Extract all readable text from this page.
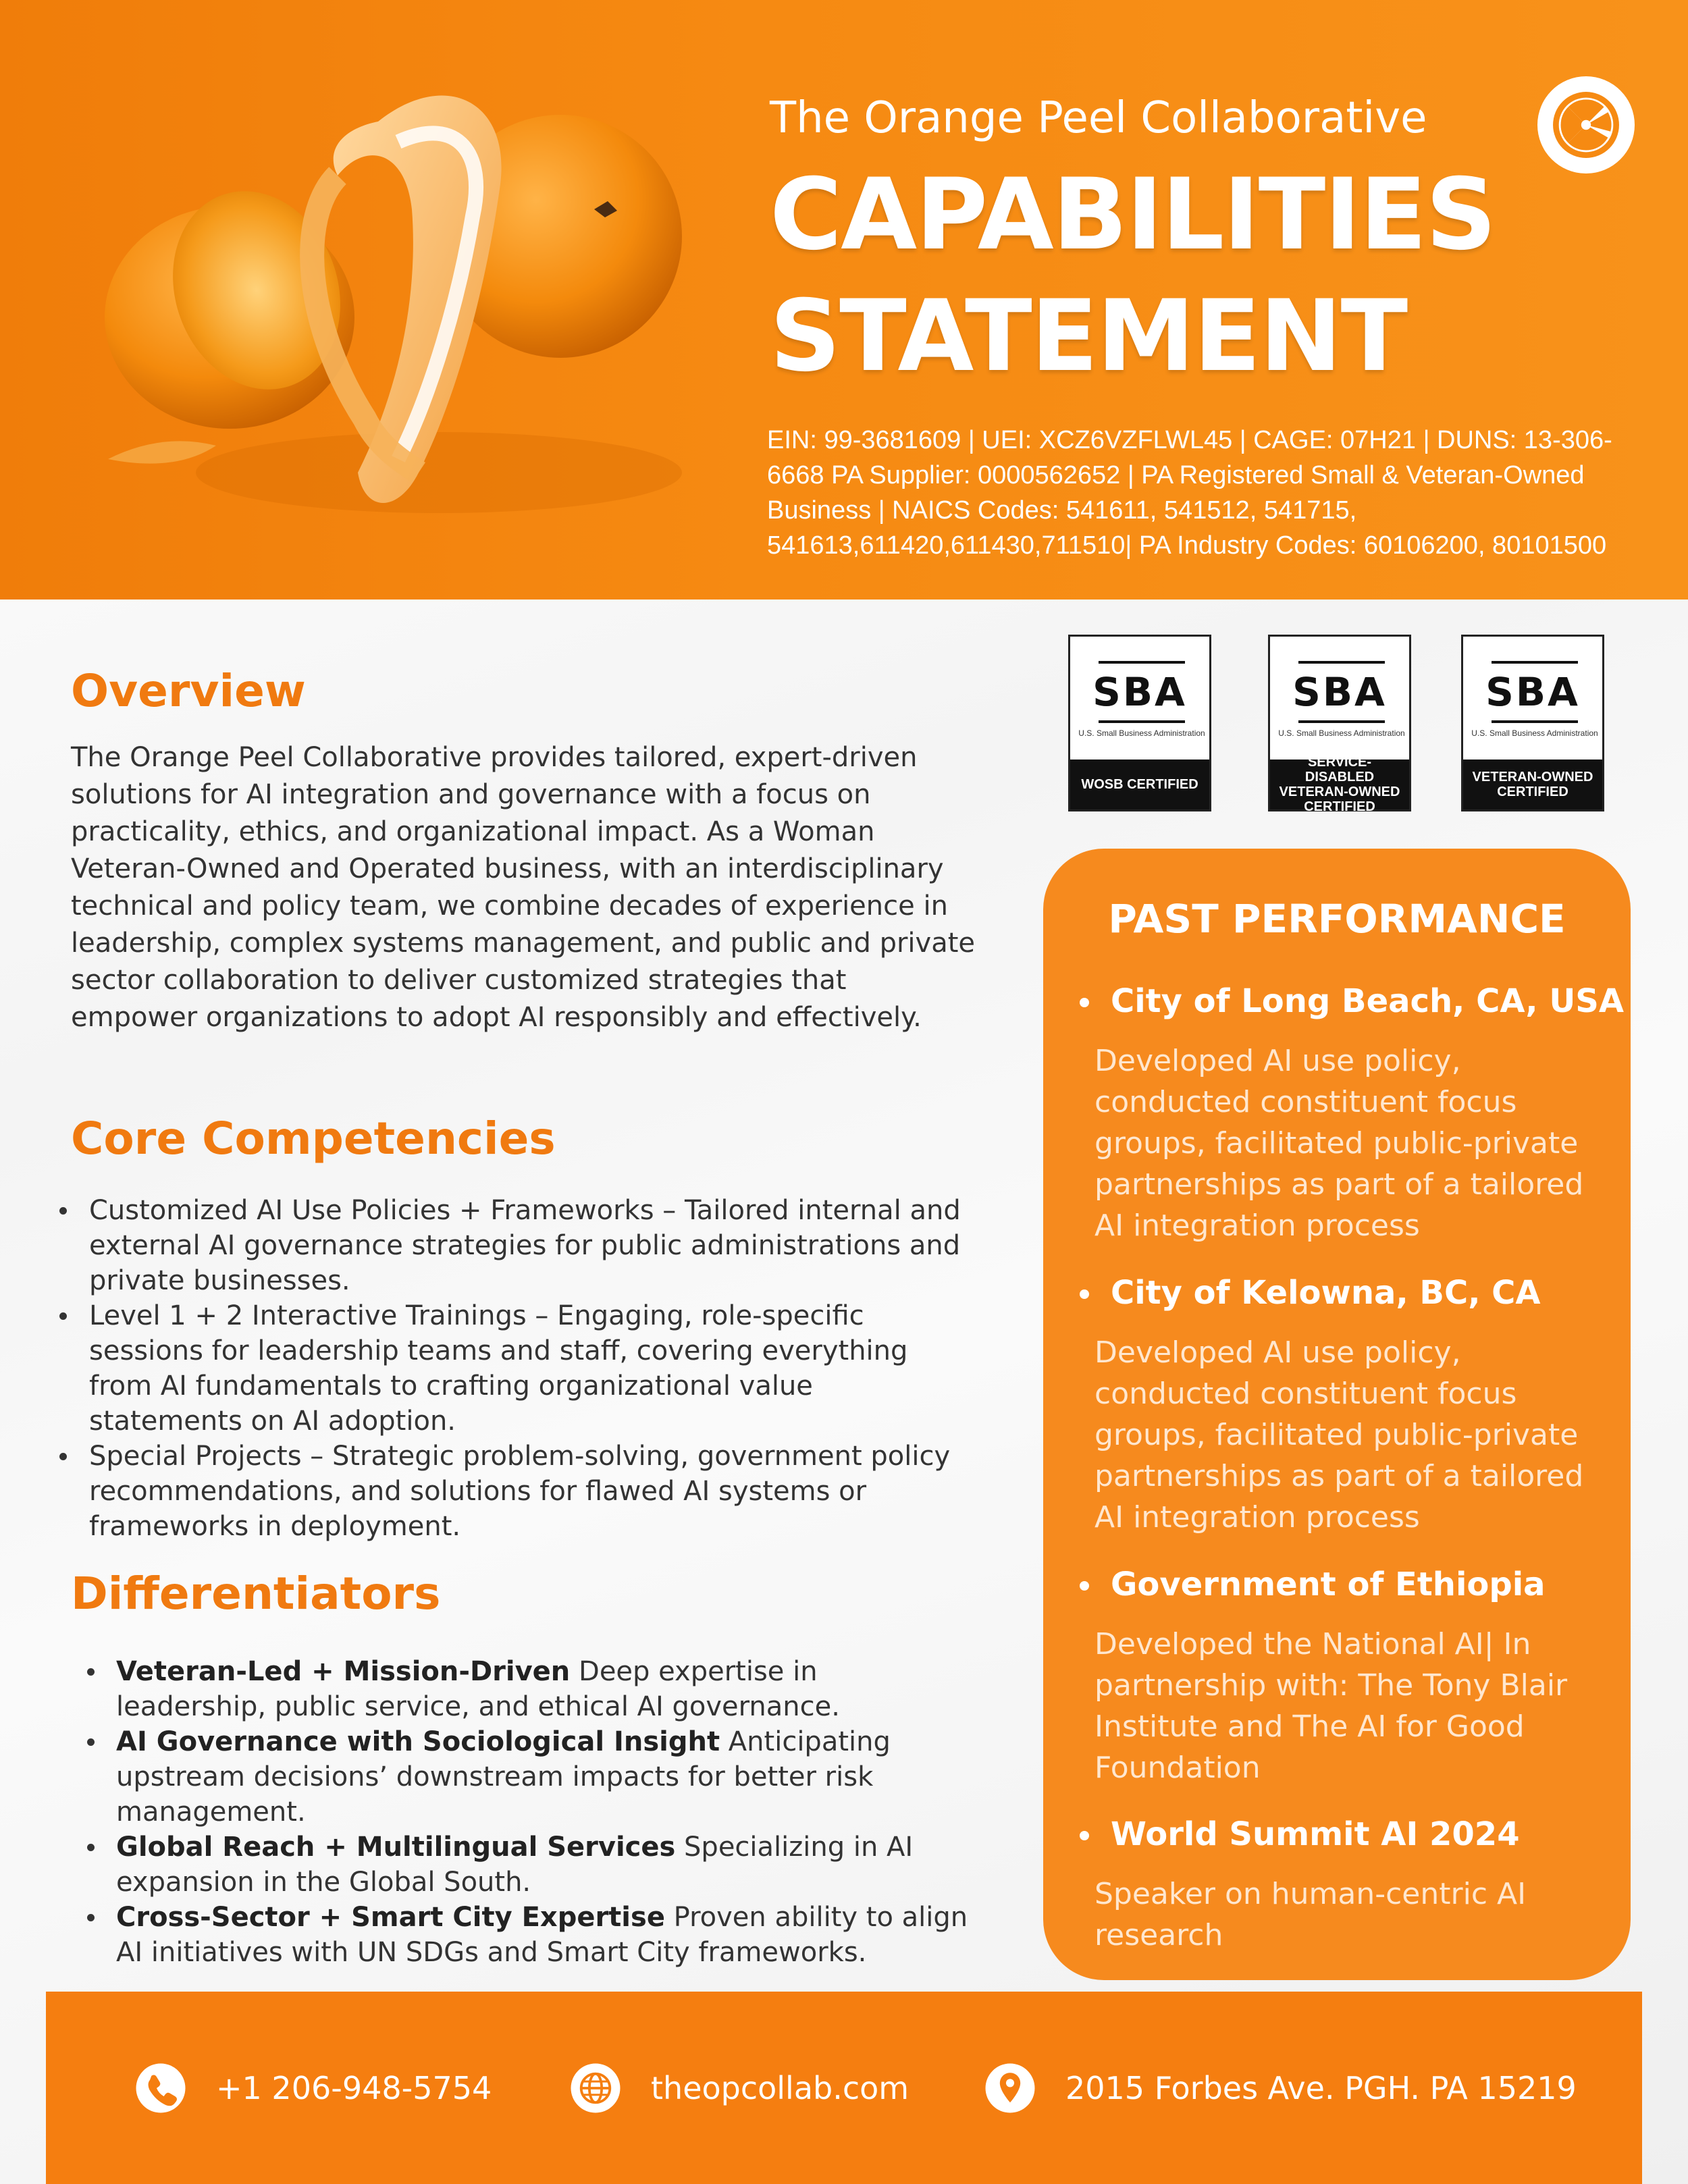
The Orange Peel Collaborative
CAPABILITIES
STATEMENT
EIN: 99-3681609 | UEI: XCZ6VZFLWL45 | CAGE: 07H21 | DUNS: 13-306-6668 PA Supplier: 0000562652 | PA Registered Small & Veteran-Owned Business | NAICS Codes: 541611, 541512, 541715, 541613,611420,611430,711510| PA Industry Codes: 60106200, 80101500
Overview
The Orange Peel Collaborative provides tailored, expert-driven solutions for AI integration and governance with a focus on practicality, ethics, and organizational impact. As a Woman Veteran-Owned and Operated business, with an interdisciplinary technical and policy team, we combine decades of experience in leadership, complex systems management, and public and private sector collaboration to deliver customized strategies that empower organizations to adopt AI responsibly and effectively.
Core Competencies
Customized AI Use Policies + Frameworks – Tailored internal and external AI governance strategies for public administrations and private businesses.
Level 1 + 2 Interactive Trainings – Engaging, role-specific sessions for leadership teams and staff, covering everything from AI fundamentals to crafting organizational value statements on AI adoption.
Special Projects – Strategic problem-solving, government policy recommendations, and solutions for flawed AI systems or frameworks in deployment.
Differentiators
Veteran-Led + Mission-Driven Deep expertise in leadership, public service, and ethical AI governance.
AI Governance with Sociological Insight Anticipating upstream decisions’ downstream impacts for better risk management.
Global Reach + Multilingual Services Specializing in AI expansion in the Global South.
Cross-Sector + Smart City Expertise Proven ability to align AI initiatives with UN SDGs and Smart City frameworks.
SBA
U.S. Small Business Administration
WOSB CERTIFIED
SBA
U.S. Small Business Administration
SERVICE-DISABLED VETERAN-OWNED CERTIFIED
SBA
U.S. Small Business Administration
VETERAN-OWNED CERTIFIED
PAST PERFORMANCE
City of Long Beach, CA, USA
Developed AI use policy, conducted constituent focus groups, facilitated public-private partnerships as part of a tailored AI integration process
City of Kelowna, BC, CA
Developed AI use policy, conducted constituent focus groups, facilitated public-private partnerships as part of a tailored AI integration process
Government of Ethiopia
Developed the National AI| In partnership with: The Tony Blair Institute and The AI for Good Foundation
World Summit AI 2024
Speaker on human-centric AI research
+1 206-948-5754	theopcollab.com	2015 Forbes Ave. PGH. PA 15219
